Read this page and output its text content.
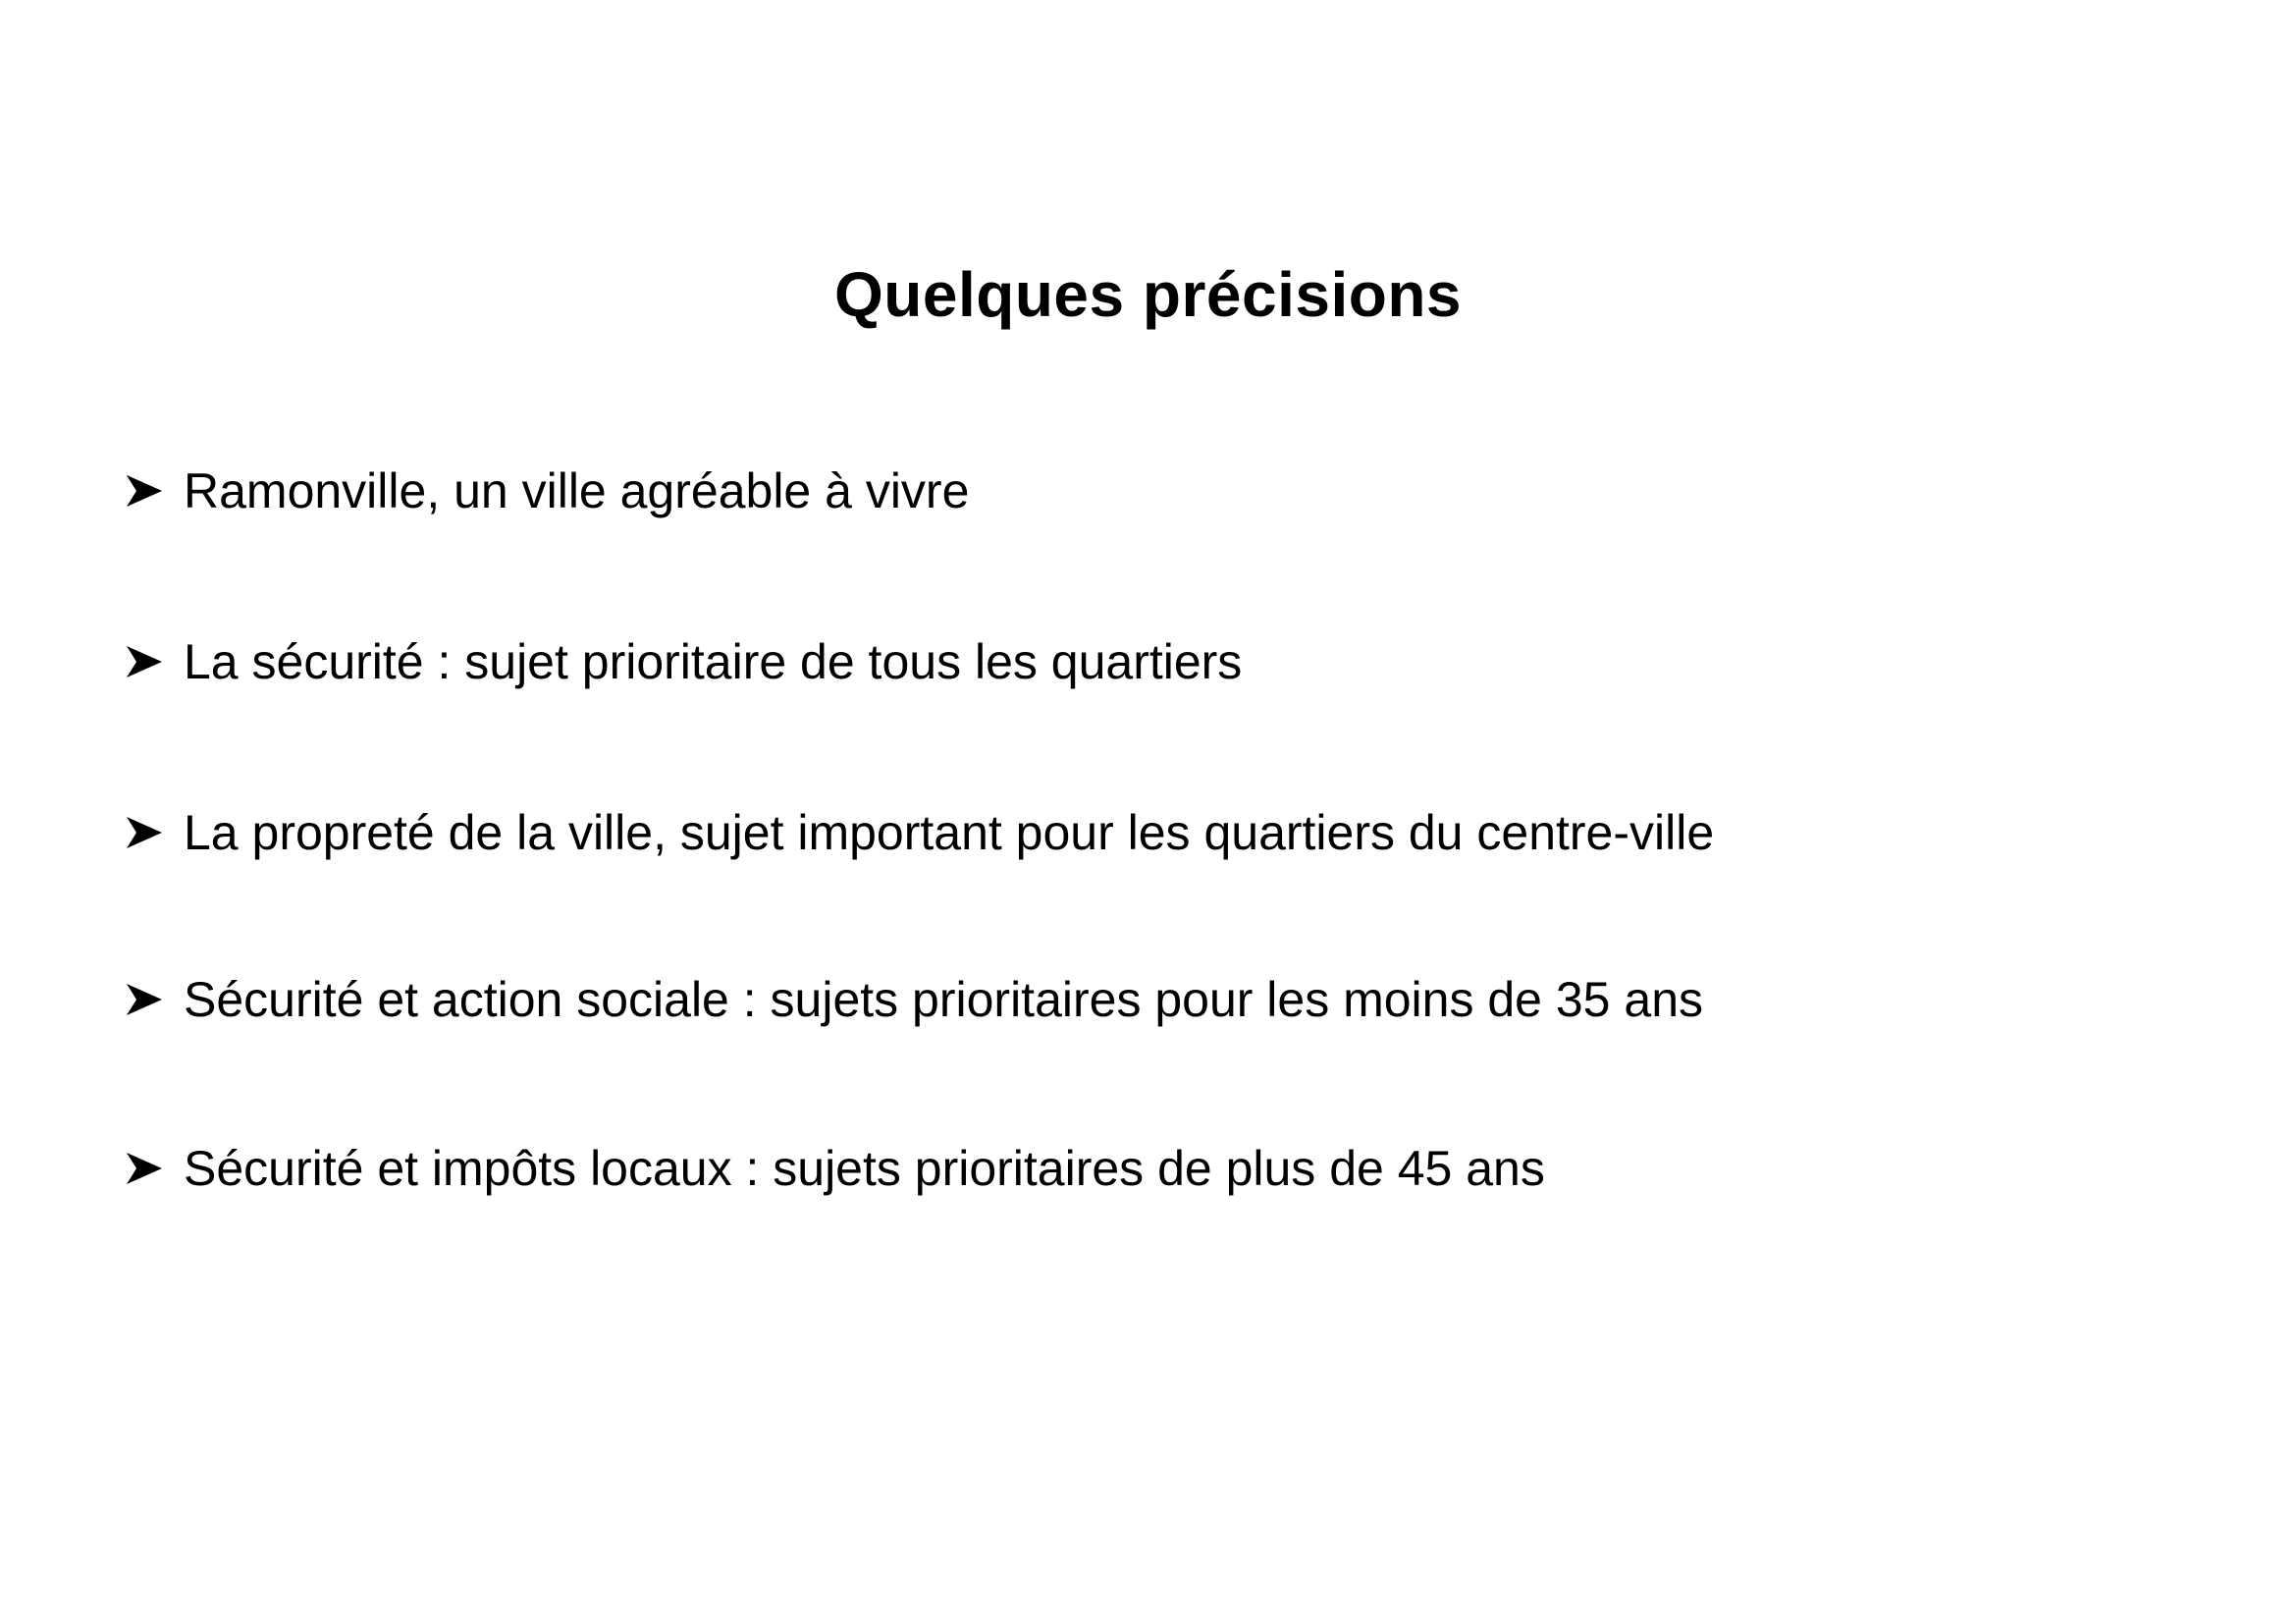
Quelques précisions
Ramonville, un ville agréable à vivre
La sécurité : sujet prioritaire de tous les quartiers
La propreté de la ville, sujet important pour les quartiers du centre-ville
Sécurité et action sociale : sujets prioritaires pour les moins de 35 ans
Sécurité et impôts locaux : sujets prioritaires de plus de 45 ans
